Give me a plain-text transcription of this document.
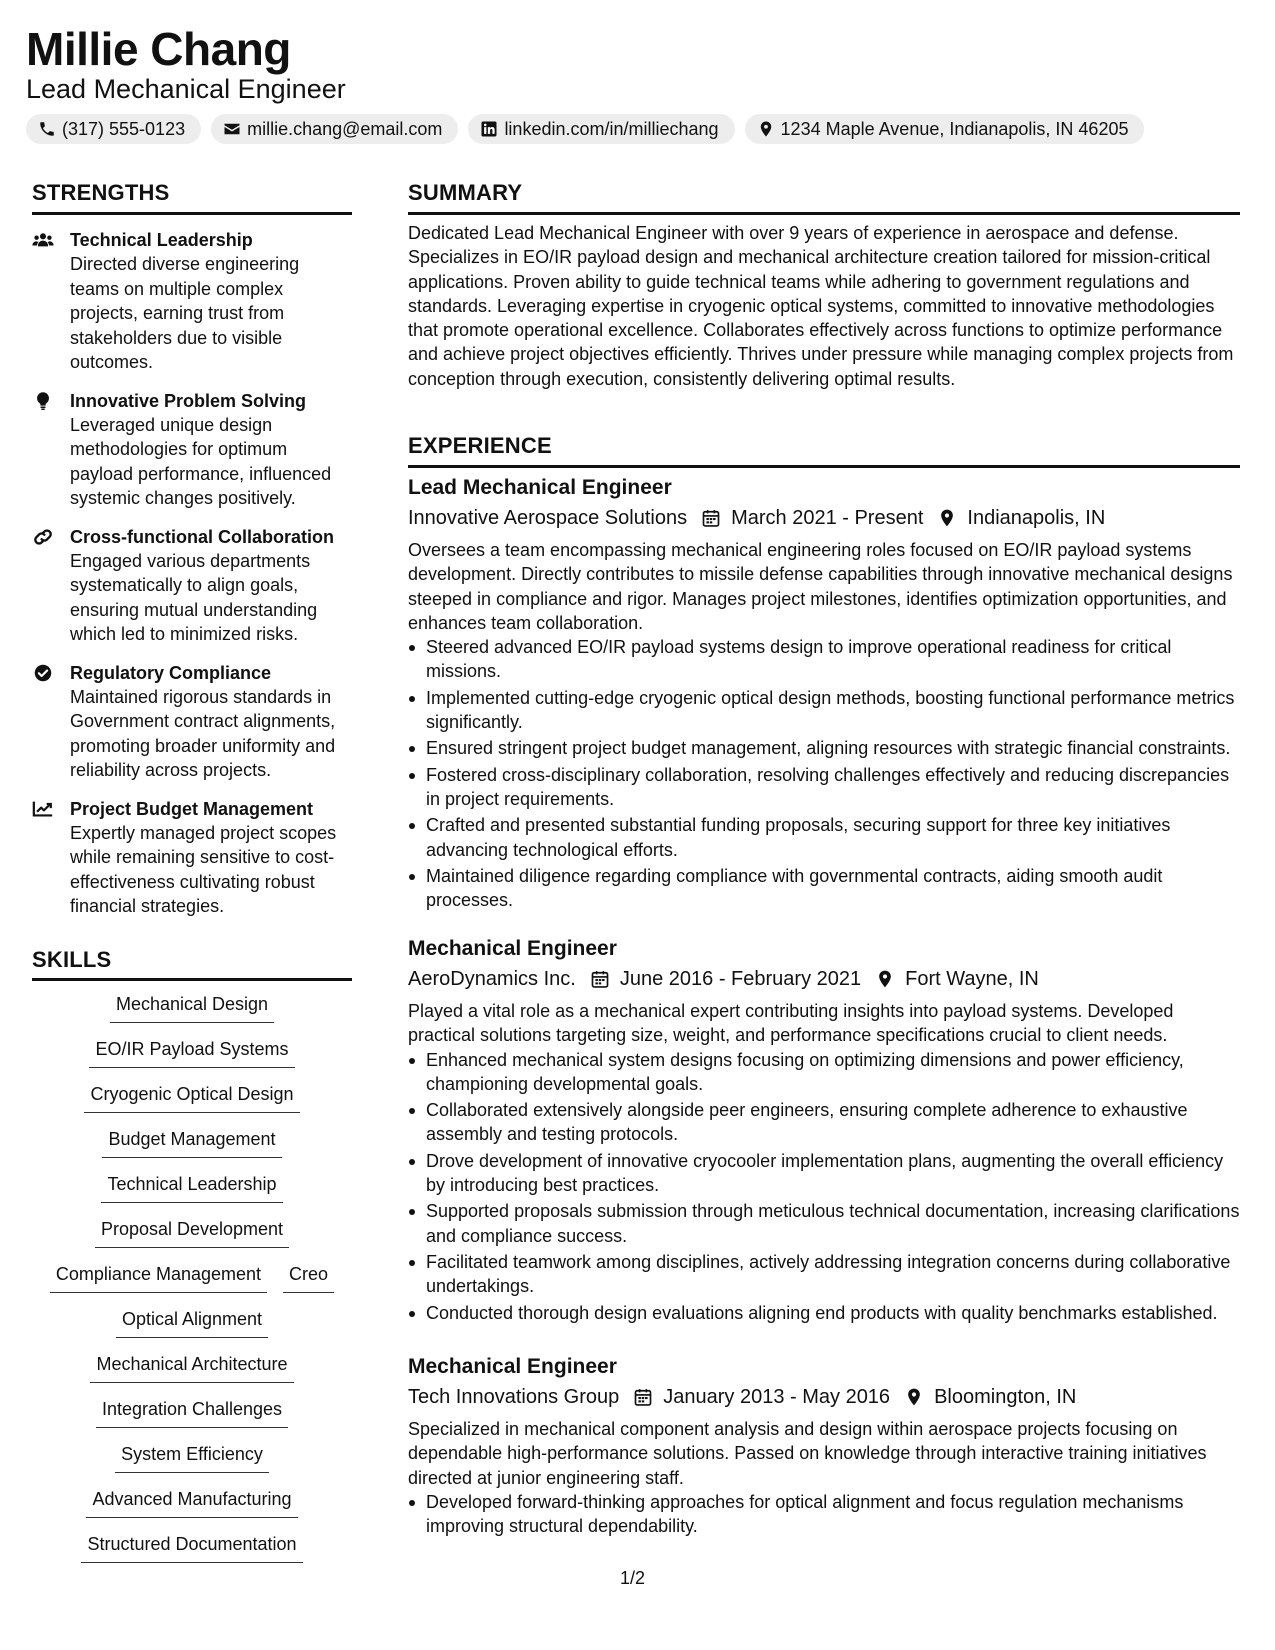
Millie Chang
Lead Mechanical Engineer
(317) 555-0123	millie.chang@email.com	linkedin.com/in/milliechang	1234 Maple Avenue, Indianapolis, IN 46205
STRENGTHS
Technical Leadership
Directed diverse engineering teams on multiple complex projects, earning trust from stakeholders due to visible outcomes.
Innovative Problem Solving
Leveraged unique design methodologies for optimum payload performance, influenced systemic changes positively.
Cross-functional Collaboration
Engaged various departments systematically to align goals, ensuring mutual understanding which led to minimized risks.
Regulatory Compliance
Maintained rigorous standards in Government contract alignments, promoting broader uniformity and reliability across projects.
Project Budget Management
Expertly managed project scopes while remaining sensitive to cost-effectiveness cultivating robust financial strategies.
SKILLS
Mechanical Design
EO/IR Payload Systems
Cryogenic Optical Design
Budget Management
Technical Leadership
Proposal Development
Compliance Management	Creo
Optical Alignment
Mechanical Architecture
Integration Challenges
System Efficiency
Advanced Manufacturing
Structured Documentation
SUMMARY
Dedicated Lead Mechanical Engineer with over 9 years of experience in aerospace and defense. Specializes in EO/IR payload design and mechanical architecture creation tailored for mission-critical applications. Proven ability to guide technical teams while adhering to government regulations and standards. Leveraging expertise in cryogenic optical systems, committed to innovative methodologies that promote operational excellence. Collaborates effectively across functions to optimize performance and achieve project objectives efficiently. Thrives under pressure while managing complex projects from conception through execution, consistently delivering optimal results.
EXPERIENCE
Lead Mechanical Engineer
Innovative Aerospace Solutions March 2021 - Present Indianapolis, IN
Oversees a team encompassing mechanical engineering roles focused on EO/IR payload systems development. Directly contributes to missile defense capabilities through innovative mechanical designs steeped in compliance and rigor. Manages project milestones, identifies optimization opportunities, and enhances team collaboration.
Steered advanced EO/IR payload systems design to improve operational readiness for critical missions.
Implemented cutting-edge cryogenic optical design methods, boosting functional performance metrics significantly.
Ensured stringent project budget management, aligning resources with strategic financial constraints.
Fostered cross-disciplinary collaboration, resolving challenges effectively and reducing discrepancies in project requirements.
Crafted and presented substantial funding proposals, securing support for three key initiatives advancing technological efforts.
Maintained diligence regarding compliance with governmental contracts, aiding smooth audit processes.
Mechanical Engineer
AeroDynamics Inc. June 2016 - February 2021 Fort Wayne, IN
Played a vital role as a mechanical expert contributing insights into payload systems. Developed practical solutions targeting size, weight, and performance specifications crucial to client needs.
Enhanced mechanical system designs focusing on optimizing dimensions and power efficiency, championing developmental goals.
Collaborated extensively alongside peer engineers, ensuring complete adherence to exhaustive assembly and testing protocols.
Drove development of innovative cryocooler implementation plans, augmenting the overall efficiency by introducing best practices.
Supported proposals submission through meticulous technical documentation, increasing clarifications and compliance success.
Facilitated teamwork among disciplines, actively addressing integration concerns during collaborative undertakings.
Conducted thorough design evaluations aligning end products with quality benchmarks established.
Mechanical Engineer
Tech Innovations Group January 2013 - May 2016 Bloomington, IN
Specialized in mechanical component analysis and design within aerospace projects focusing on dependable high-performance solutions. Passed on knowledge through interactive training initiatives directed at junior engineering staff.
Developed forward-thinking approaches for optical alignment and focus regulation mechanisms improving structural dependability.
1/2
